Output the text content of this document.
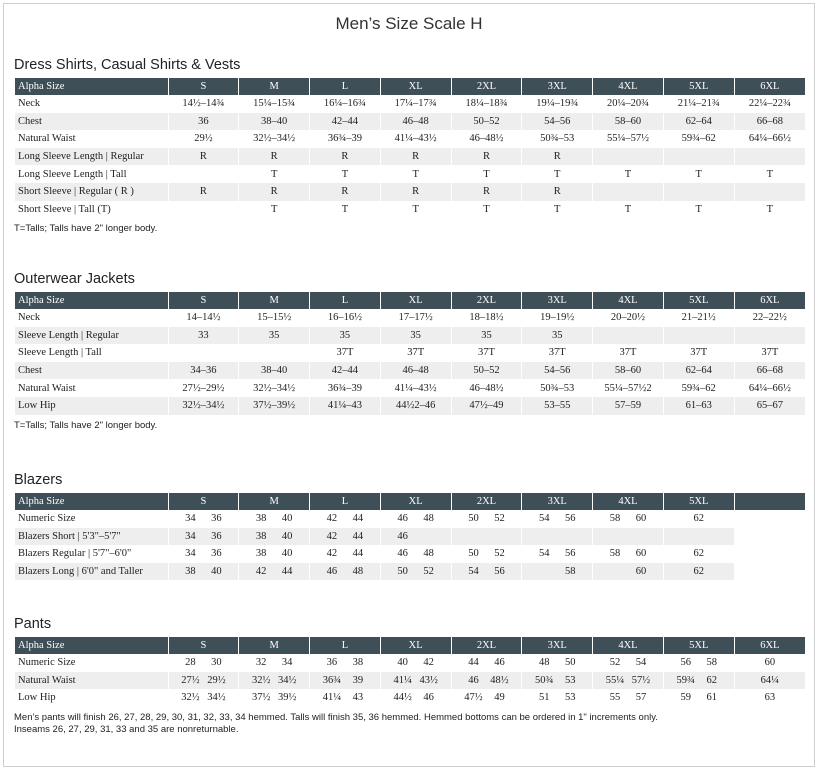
Men’s Size Scale H
Dress Shirts, Casual Shirts & Vests
Alpha Size	S	M	L	XL	2XL	3XL	4XL	5XL	6XL
Neck	14½–14¾	15¼–15¾	16¼–16¾	17¼–17¾	18¼–18¾	19¼–19¾	20¼–20¾	21¼–21¾	22¼–22¾
Chest	36	38–40	42–44	46–48	50–52	54–56	58–60	62–64	66–68
Natural Waist	29½	32½–34½	36¾–39	41¼–43½	46–48½	50¾–53	55¼–57½	59¾–62	64¼–66½
Long Sleeve Length | Regular	R	R	R	R	R	R			
Long Sleeve Length | Tall		T	T	T	T	T	T	T	T
Short Sleeve | Regular ( R )	R	R	R	R	R	R			
Short Sleeve | Tall (T)		T	T	T	T	T	T	T	T
T=Talls; Talls have 2" longer body.
Outerwear Jackets
Alpha Size	S	M	L	XL	2XL	3XL	4XL	5XL	6XL
Neck	14–14½	15–15½	16–16½	17–17½	18–18½	19–19½	20–20½	21–21½	22–22½
Sleeve Length | Regular	33	35	35	35	35	35			
Sleeve Length | Tall			37T	37T	37T	37T	37T	37T	37T
Chest	34–36	38–40	42–44	46–48	50–52	54–56	58–60	62–64	66–68
Natural Waist	27½–29½	32½–34½	36¾–39	41¼–43½	46–48½	50¾–53	55¼–57½2	59¾–62	64¼–66½
Low Hip	32½–34½	37½–39½	41¼–43	44½2–46	47½–49	53–55	57–59	61–63	65–67
T=Talls; Talls have 2" longer body.
Blazers
Alpha Size	S	M	L	XL	2XL	3XL	4XL	5XL	
Numeric Size	34 36	38 40	42 44	46 48	50 52	54 56	58 60	62	
Blazers Short | 5'3"–5'7"	34 36	38 40	42 44	46					

Blazers Regular | 5'7"–6'0"	34 36	38 40	42 44	46 48	50 52	54 56	58 60	62	
Blazers Long | 6'0" and Taller	38 40	42 44	46 48	50 52	54 56	58	60	62	
Pants
Alpha Size	S	M	L	XL	2XL	3XL	4XL	5XL	6XL
Numeric Size	28 30	32 34	36 38	40 42	44 46	48 50	52 54	56 58	60
Natural Waist	27½ 29½	32½ 34½	36¾ 39	41¼ 43½	46 48½	50¾ 53	55¼ 57½	59¾ 62	64¼
Low Hip	32½ 34½	37½ 39½	41¼ 43	44½ 46	47½ 49	51 53	55 57	59 61	63
Men’s pants will finish 26, 27, 28, 29, 30, 31, 32, 33, 34 hemmed. Talls will finish 35, 36 hemmed. Hemmed bottoms can be ordered in 1" increments only.
Inseams 26, 27, 29, 31, 33 and 35 are nonreturnable.
